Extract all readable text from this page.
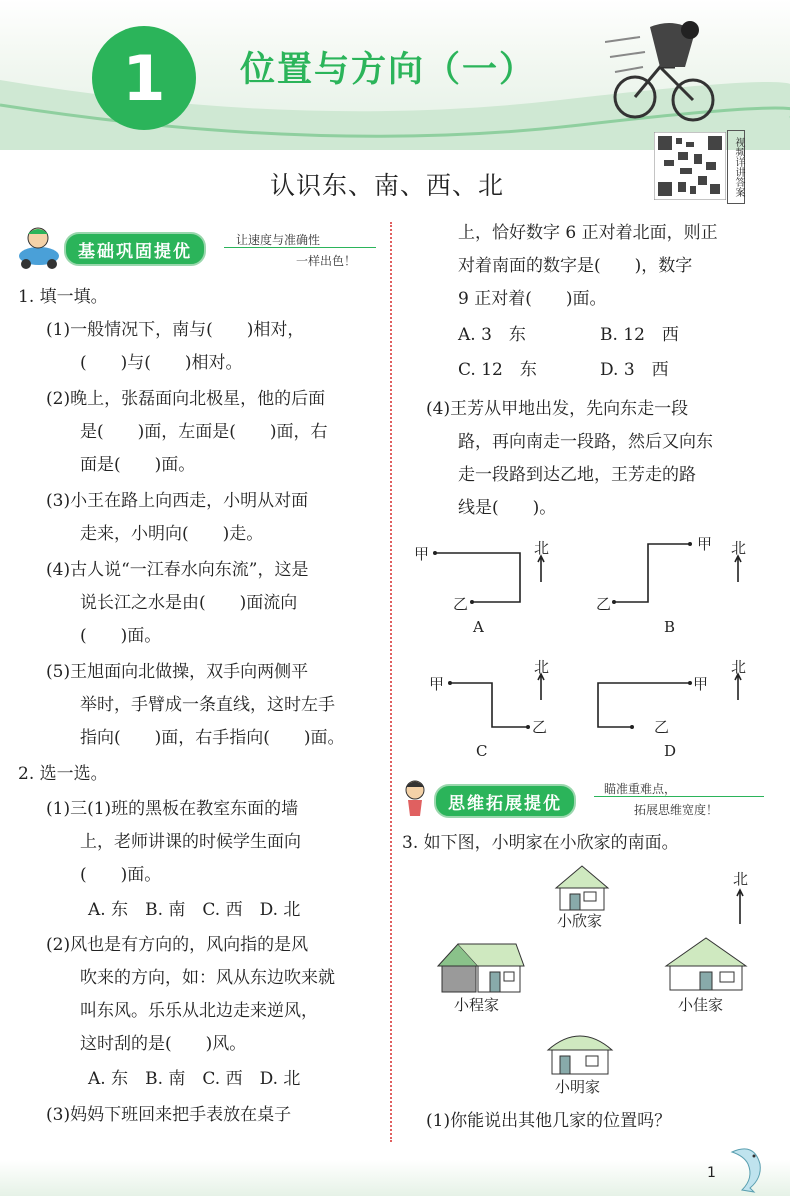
1	位置与方向（一）
视频详讲答案
认识东、南、西、北
基础巩固提优
让速度与准确性
一样出色！
1. 填一填。
(1)一般情况下，南与(　　)相对，
(　　)与(　　)相对。
(2)晚上，张磊面向北极星，他的后面
是(　　)面，左面是(　　)面，右
面是(　　)面。
(3)小王在路上向西走，小明从对面
走来，小明向(　　)走。
(4)古人说“一江春水向东流”，这是
说长江之水是由(　　)面流向
(　　)面。
(5)王旭面向北做操，双手向两侧平
举时，手臂成一条直线，这时左手
指向(　　)面，右手指向(　　)面。
2. 选一选。
(1)三(1)班的黑板在教室东面的墙
上，老师讲课的时候学生面向
(　　)面。
A. 东　B. 南　C. 西　D. 北
(2)风也是有方向的，风向指的是风
吹来的方向，如：风从东边吹来就
叫东风。乐乐从北边走来逆风，
这时刮的是(　　)风。
A. 东　B. 南　C. 西　D. 北
(3)妈妈下班回来把手表放在桌子
上，恰好数字 6 正对着北面，则正
对着南面的数字是(　　)，数字
9 正对着(　　)面。
A. 3　东	B. 12　西
C. 12　东	D. 3　西
(4)王芳从甲地出发，先向东走一段
路，再向南走一段路，然后又向东
走一段路到达乙地，王芳走的路
线是(　　)。
甲
乙
北
A
甲
乙
北
B
甲
乙
北
C
甲
乙
北
D
思维拓展提优
瞄准重难点，
拓展思维宽度！
3. 如下图，小明家在小欣家的南面。
北
小欣家
小程家	小佳家
小明家
(1)你能说出其他几家的位置吗？
1
